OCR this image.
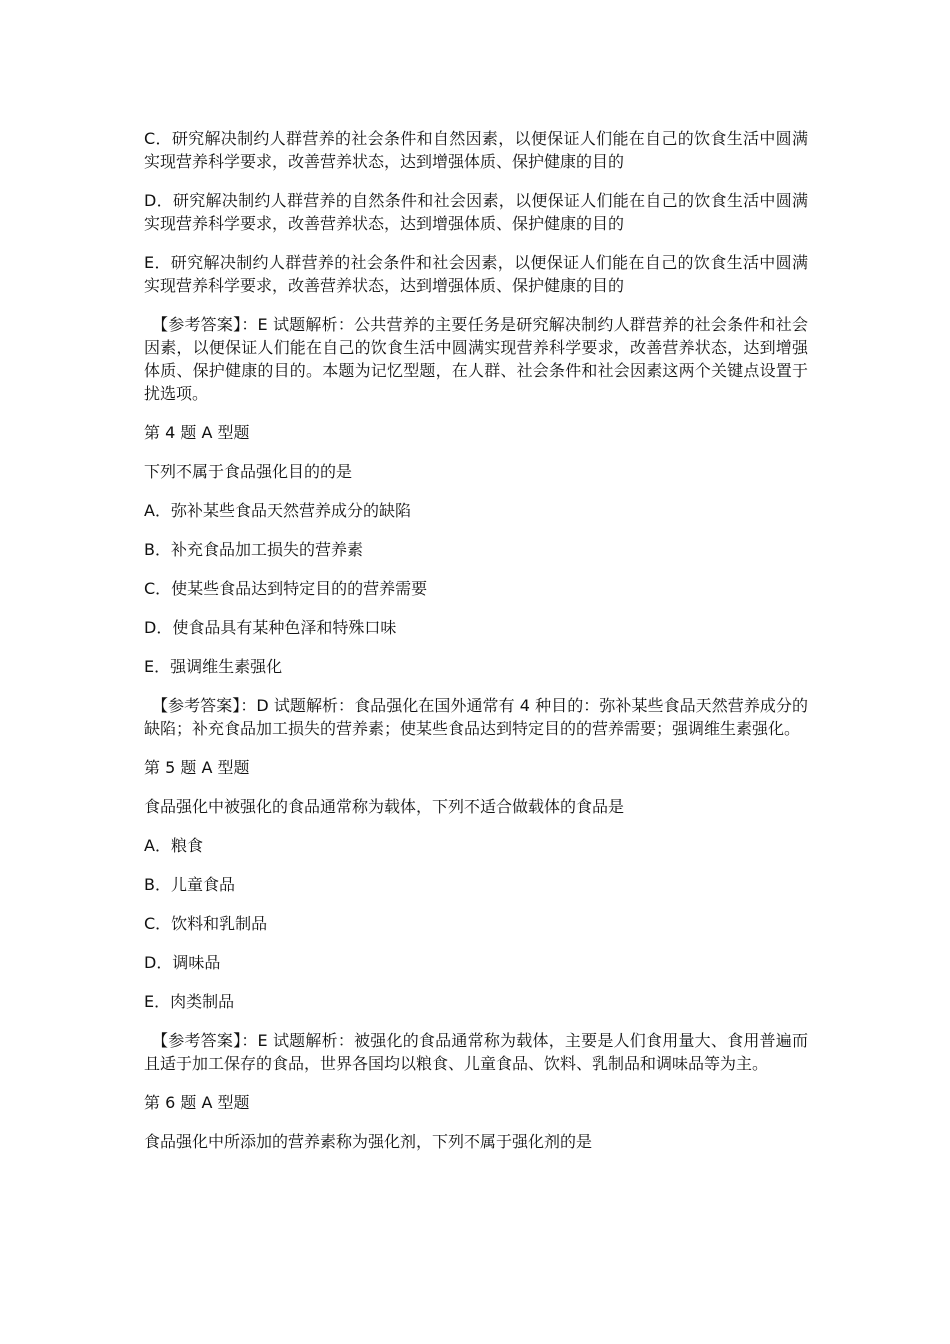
C．研究解决制约人群营养的社会条件和自然因素，以便保证人们能在自己的饮食生活中圆满实现营养科学要求，改善营养状态，达到增强体质、保护健康的目的
D．研究解决制约人群营养的自然条件和社会因素，以便保证人们能在自己的饮食生活中圆满实现营养科学要求，改善营养状态，达到增强体质、保护健康的目的
E．研究解决制约人群营养的社会条件和社会因素，以便保证人们能在自己的饮食生活中圆满实现营养科学要求，改善营养状态，达到增强体质、保护健康的目的
【参考答案】：E 试题解析：公共营养的主要任务是研究解决制约人群营养的社会条件和社会因素，以便保证人们能在自己的饮食生活中圆满实现营养科学要求，改善营养状态，达到增强体质、保护健康的目的。本题为记忆型题，在人群、社会条件和社会因素这两个关键点设置于扰选项。
第 4 题 A 型题
下列不属于食品强化目的的是
A．弥补某些食品天然营养成分的缺陷
B．补充食品加工损失的营养素
C．使某些食品达到特定目的的营养需要
D．使食品具有某种色泽和特殊口味
E．强调维生素强化
【参考答案】：D 试题解析：食品强化在国外通常有 4 种目的：弥补某些食品天然营养成分的缺陷；补充食品加工损失的营养素；使某些食品达到特定目的的营养需要；强调维生素强化。
第 5 题 A 型题
食品强化中被强化的食品通常称为载体，下列不适合做载体的食品是
A．粮食
B．儿童食品
C．饮料和乳制品
D．调味品
E．肉类制品
【参考答案】：E 试题解析：被强化的食品通常称为载体，主要是人们食用量大、食用普遍而且适于加工保存的食品，世界各国均以粮食、儿童食品、饮料、乳制品和调味品等为主。
第 6 题 A 型题
食品强化中所添加的营养素称为强化剂，下列不属于强化剂的是
